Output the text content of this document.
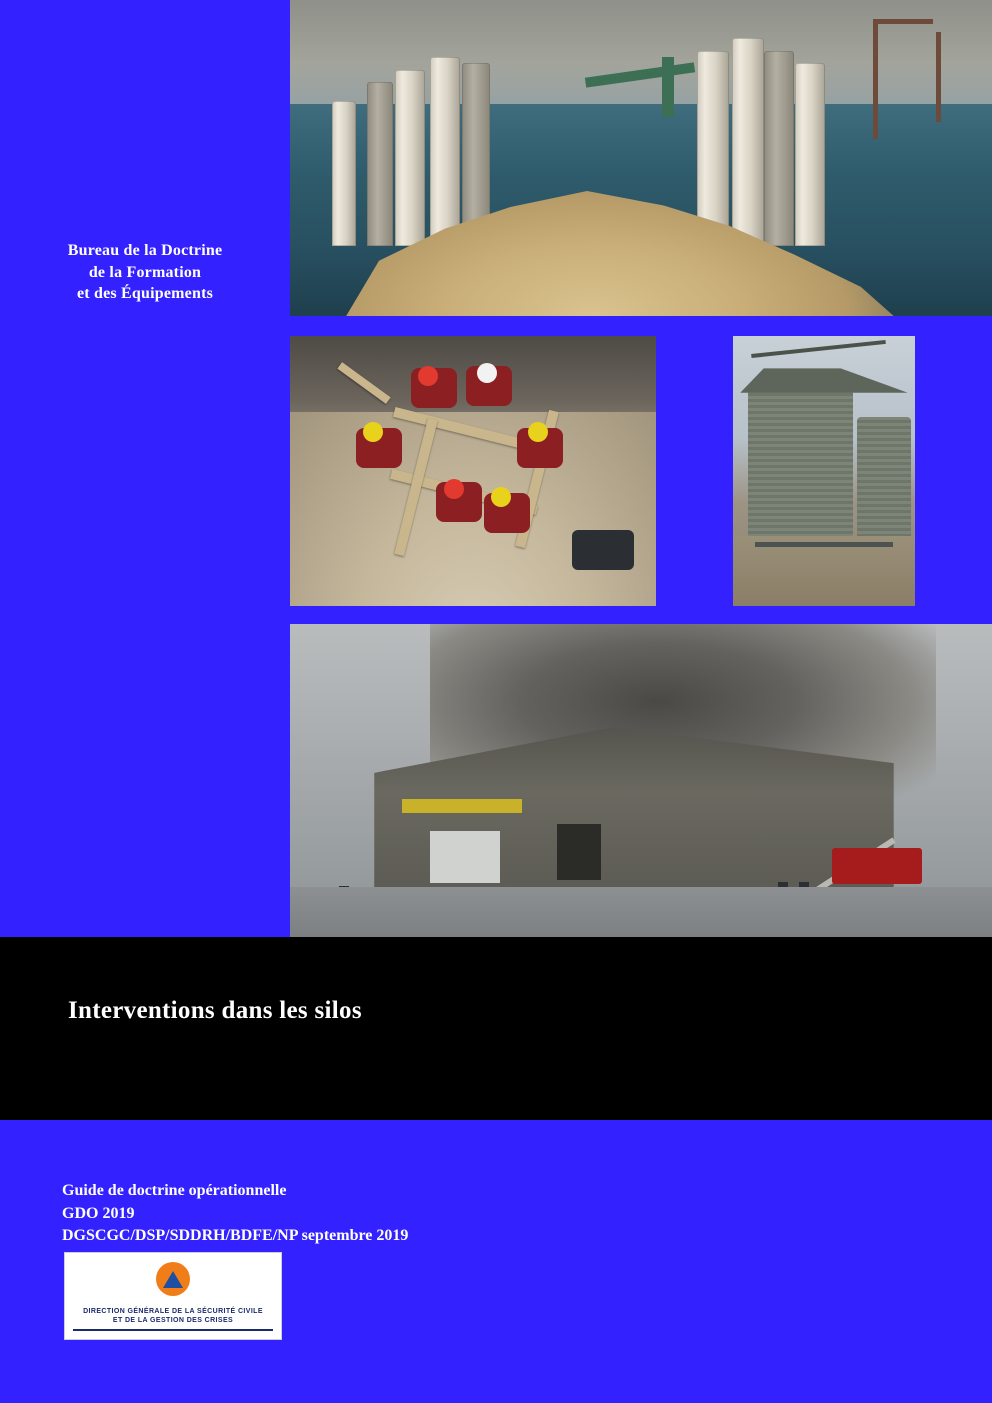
Bureau de la Doctrine
de la Formation
et des Équipements
Interventions dans les silos
Guide de doctrine opérationnelle
GDO 2019
DGSCGC/DSP/SDDRH/BDFE/NP septembre 2019
DIRECTION GÉNÉRALE DE LA SÉCURITÉ CIVILE
ET DE LA GESTION DES CRISES
